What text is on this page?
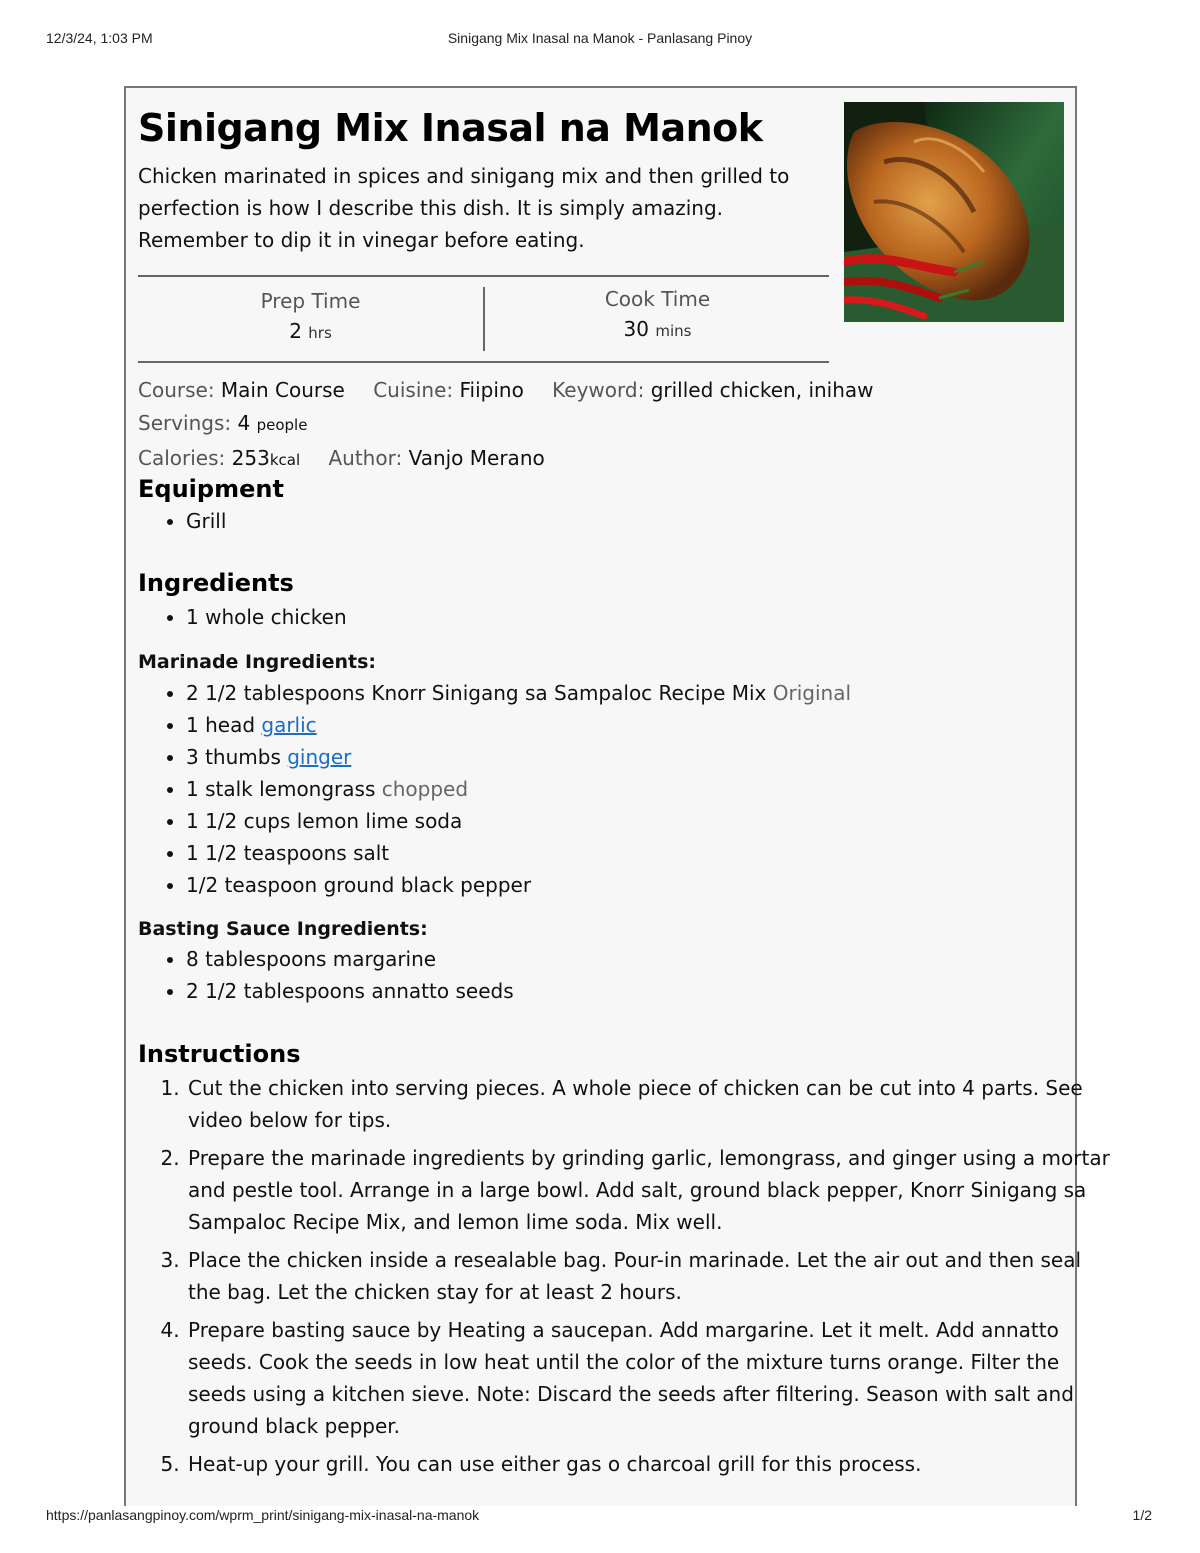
12/3/24, 1:03 PM	Sinigang Mix Inasal na Manok - Panlasang Pinoy
Sinigang Mix Inasal na Manok
Chicken marinated in spices and sinigang mix and then grilled to perfection is how I describe this dish. It is simply amazing. Remember to dip it in vinegar before eating.
Prep Time
2 hrs
Cook Time
30 mins
Course: Main Course Cuisine: Fiipino Keyword: grilled chicken, inihaw Servings: 4 people
Calories: 253kcal Author: Vanjo Merano
Equipment
• Grill
Ingredients
• 1 whole chicken
Marinade Ingredients:
• 2 1/2 tablespoons Knorr Sinigang sa Sampaloc Recipe Mix Original
• 1 head garlic
• 3 thumbs ginger
• 1 stalk lemongrass chopped
• 1 1/2 cups lemon lime soda
• 1 1/2 teaspoons salt
• 1/2 teaspoon ground black pepper
Basting Sauce Ingredients:
• 8 tablespoons margarine
• 2 1/2 tablespoons annatto seeds
Instructions
1. Cut the chicken into serving pieces. A whole piece of chicken can be cut into 4 parts. See video below for tips.
2. Prepare the marinade ingredients by grinding garlic, lemongrass, and ginger using a mortar and pestle tool. Arrange in a large bowl. Add salt, ground black pepper, Knorr Sinigang sa Sampaloc Recipe Mix, and lemon lime soda. Mix well.
3. Place the chicken inside a resealable bag. Pour-in marinade. Let the air out and then seal the bag. Let the chicken stay for at least 2 hours.
4. Prepare basting sauce by Heating a saucepan. Add margarine. Let it melt. Add annatto seeds. Cook the seeds in low heat until the color of the mixture turns orange. Filter the seeds using a kitchen sieve. Note: Discard the seeds after filtering. Season with salt and ground black pepper.
5. Heat-up your grill. You can use either gas o charcoal grill for this process.
https://panlasangpinoy.com/wprm_print/sinigang-mix-inasal-na-manok	1/2
